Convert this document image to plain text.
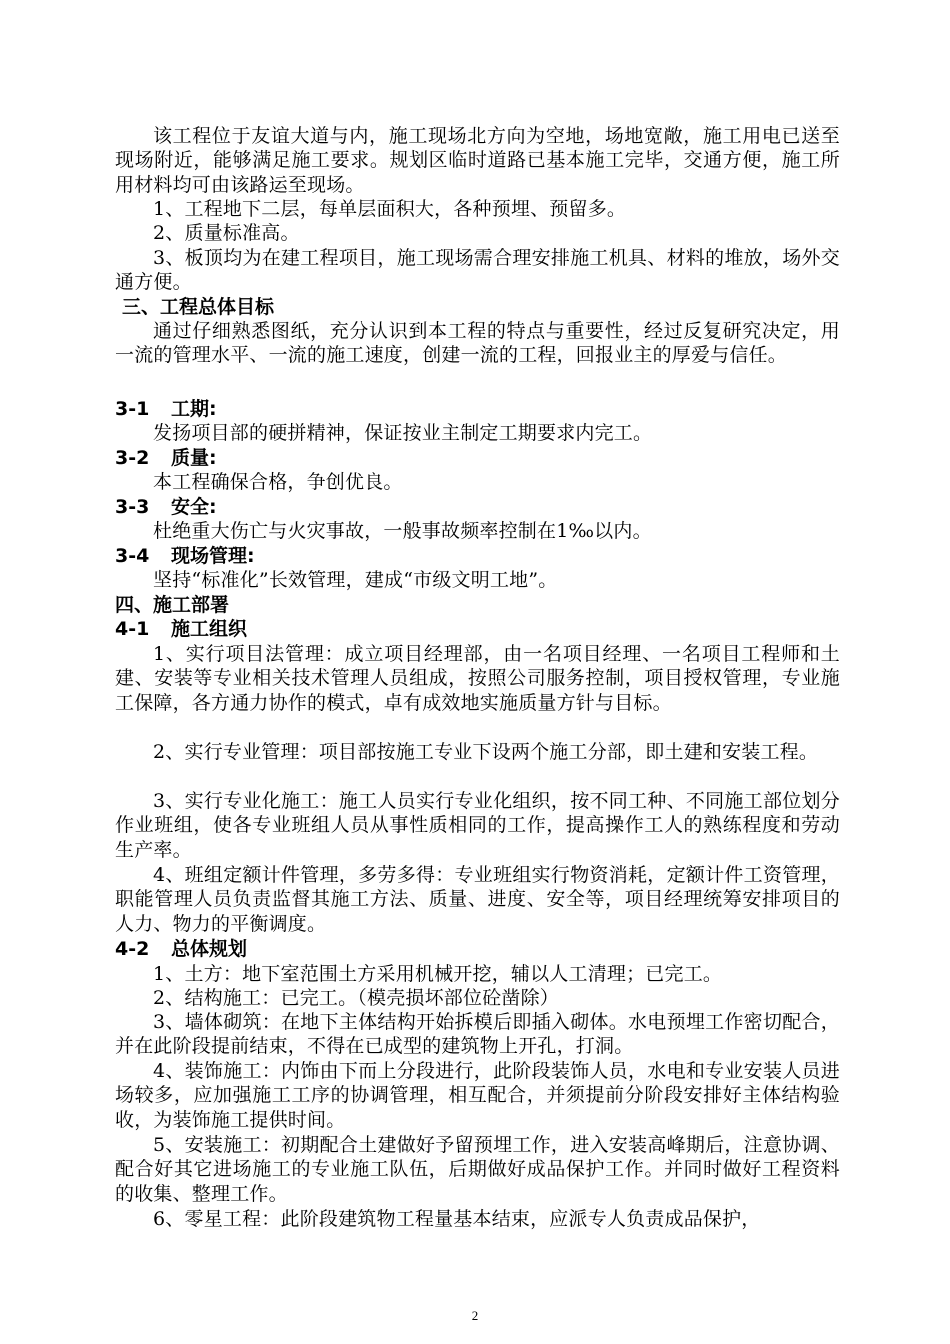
该工程位于友谊大道与内，施工现场北方向为空地，场地宽敞，施工用电已送至现场附近，能够满足施工要求。规划区临时道路已基本施工完毕，交通方便，施工所用材料均可由该路运至现场。
1、工程地下二层，每单层面积大，各种预埋、预留多。
2、质量标准高。
3、板顶均为在建工程项目，施工现场需合理安排施工机具、材料的堆放，场外交通方便。
三、工程总体目标
通过仔细熟悉图纸，充分认识到本工程的特点与重要性，经过反复研究决定，用一流的管理水平、一流的施工速度，创建一流的工程，回报业主的厚爱与信任。
3-1 工期:
发扬项目部的硬拼精神，保证按业主制定工期要求内完工。
3-2 质量:
本工程确保合格，争创优良。
3-3 安全:
杜绝重大伤亡与火灾事故，一般事故频率控制在1‰以内。
3-4 现场管理:
坚持“标准化”长效管理，建成“市级文明工地”。
四、施工部署
4-1 施工组织
1、实行项目法管理：成立项目经理部，由一名项目经理、一名项目工程师和土建、安装等专业相关技术管理人员组成，按照公司服务控制，项目授权管理，专业施工保障，各方通力协作的模式，卓有成效地实施质量方针与目标。
2、实行专业管理：项目部按施工专业下设两个施工分部，即土建和安装工程。
3、实行专业化施工：施工人员实行专业化组织，按不同工种、不同施工部位划分作业班组，使各专业班组人员从事性质相同的工作，提高操作工人的熟练程度和劳动生产率。
4、班组定额计件管理，多劳多得：专业班组实行物资消耗，定额计件工资管理，职能管理人员负责监督其施工方法、质量、进度、安全等，项目经理统筹安排项目的人力、物力的平衡调度。
4-2 总体规划
1、土方：地下室范围土方采用机械开挖，辅以人工清理；已完工。
2、结构施工：已完工。（模壳损坏部位砼凿除）
3、墙体砌筑：在地下主体结构开始拆模后即插入砌体。水电预埋工作密切配合，并在此阶段提前结束，不得在已成型的建筑物上开孔，打洞。
4、装饰施工：内饰由下而上分段进行，此阶段装饰人员，水电和专业安装人员进场较多，应加强施工工序的协调管理，相互配合，并须提前分阶段安排好主体结构验收，为装饰施工提供时间。
5、安装施工：初期配合土建做好予留预埋工作，进入安装高峰期后，注意协调、配合好其它进场施工的专业施工队伍，后期做好成品保护工作。并同时做好工程资料的收集、整理工作。
6、零星工程：此阶段建筑物工程量基本结束，应派专人负责成品保护，
2
